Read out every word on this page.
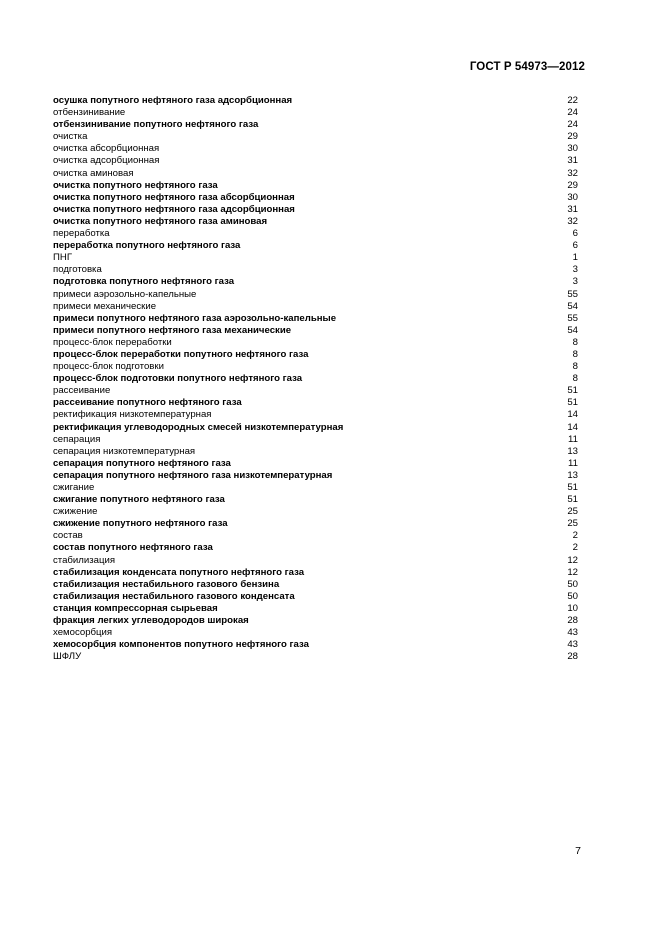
ГОСТ Р 54973—2012
осушка попутного нефтяного газа адсорбционная	22
отбензинивание	24
отбензинивание попутного нефтяного газа	24
очистка	29
очистка абсорбционная	30
очистка адсорбционная	31
очистка аминовая	32
очистка попутного нефтяного газа	29
очистка попутного нефтяного газа абсорбционная	30
очистка попутного нефтяного газа адсорбционная	31
очистка попутного нефтяного газа аминовая	32
переработка	6
переработка попутного нефтяного газа	6
ПНГ	1
подготовка	3
подготовка попутного нефтяного газа	3
примеси аэрозольно-капельные	55
примеси механические	54
примеси попутного нефтяного газа аэрозольно-капельные	55
примеси попутного нефтяного газа механические	54
процесс-блок переработки	8
процесс-блок переработки попутного нефтяного газа	8
процесс-блок подготовки	8
процесс-блок подготовки попутного нефтяного газа	8
рассеивание	51
рассеивание попутного нефтяного газа	51
ректификация низкотемпературная	14
ректификация углеводородных смесей низкотемпературная	14
сепарация	11
сепарация низкотемпературная	13
сепарация попутного нефтяного газа	11
сепарация попутного нефтяного газа низкотемпературная	13
сжигание	51
сжигание попутного нефтяного газа	51
сжижение	25
сжижение попутного нефтяного газа	25
состав	2
состав попутного нефтяного газа	2
стабилизация	12
стабилизация конденсата попутного нефтяного газа	12
стабилизация нестабильного газового бензина	50
стабилизация нестабильного газового конденсата	50
станция компрессорная сырьевая	10
фракция легких углеводородов широкая	28
хемосорбция	43
хемосорбция компонентов попутного нефтяного газа	43
ШФЛУ	28
7
